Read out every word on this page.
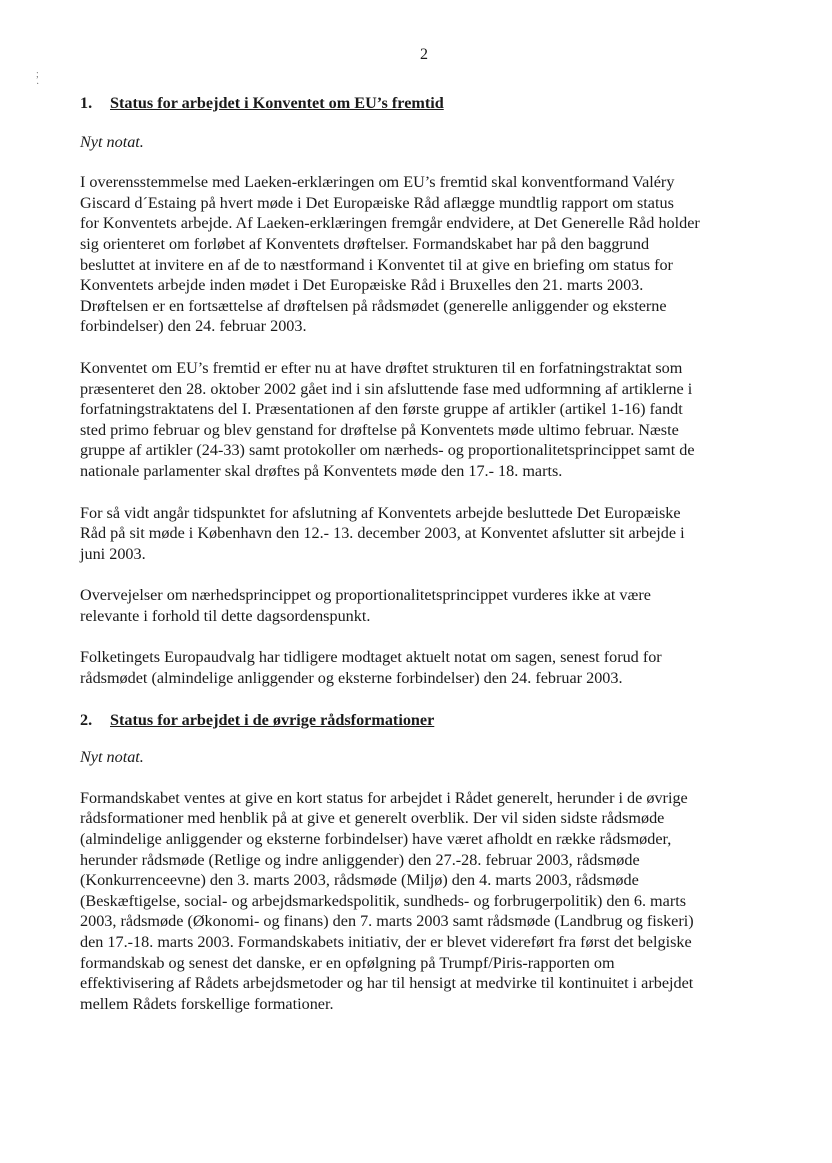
2
;
·
1. Status for arbejdet i Konventet om EU’s fremtid
Nyt notat.
I overensstemmelse med Laeken-erklæringen om EU’s fremtid skal konventformand Valéry
Giscard d´Estaing på hvert møde i Det Europæiske Råd aflægge mundtlig rapport om status
for Konventets arbejde. Af Laeken-erklæringen fremgår endvidere, at Det Generelle Råd holder
sig orienteret om forløbet af Konventets drøftelser. Formandskabet har på den baggrund
besluttet at invitere en af de to næstformand i Konventet til at give en briefing om status for
Konventets arbejde inden mødet i Det Europæiske Råd i Bruxelles den 21. marts 2003.
Drøftelsen er en fortsættelse af drøftelsen på rådsmødet (generelle anliggender og eksterne
forbindelser) den 24. februar 2003.
Konventet om EU’s fremtid er efter nu at have drøftet strukturen til en forfatningstraktat som
præsenteret den 28. oktober 2002 gået ind i sin afsluttende fase med udformning af artiklerne i
forfatningstraktatens del I. Præsentationen af den første gruppe af artikler (artikel 1-16) fandt
sted primo februar og blev genstand for drøftelse på Konventets møde ultimo februar. Næste
gruppe af artikler (24-33) samt protokoller om nærheds- og proportionalitetsprincippet samt de
nationale parlamenter skal drøftes på Konventets møde den 17.- 18. marts.
For så vidt angår tidspunktet for afslutning af Konventets arbejde besluttede Det Europæiske
Råd på sit møde i København den 12.- 13. december 2003, at Konventet afslutter sit arbejde i
juni 2003.
Overvejelser om nærhedsprincippet og proportionalitetsprincippet vurderes ikke at være
relevante i forhold til dette dagsordenspunkt.
Folketingets Europaudvalg har tidligere modtaget aktuelt notat om sagen, senest forud for
rådsmødet (almindelige anliggender og eksterne forbindelser) den 24. februar 2003.
2. Status for arbejdet i de øvrige rådsformationer
Nyt notat.
Formandskabet ventes at give en kort status for arbejdet i Rådet generelt, herunder i de øvrige
rådsformationer med henblik på at give et generelt overblik. Der vil siden sidste rådsmøde
(almindelige anliggender og eksterne forbindelser) have været afholdt en række rådsmøder,
herunder rådsmøde (Retlige og indre anliggender) den 27.-28. februar 2003, rådsmøde
(Konkurrenceevne) den 3. marts 2003, rådsmøde (Miljø) den 4. marts 2003, rådsmøde
(Beskæftigelse, social- og arbejdsmarkedspolitik, sundheds- og forbrugerpolitik) den 6. marts
2003, rådsmøde (Økonomi- og finans) den 7. marts 2003 samt rådsmøde (Landbrug og fiskeri)
den 17.-18. marts 2003. Formandskabets initiativ, der er blevet videreført fra først det belgiske
formandskab og senest det danske, er en opfølgning på Trumpf/Piris-rapporten om
effektivisering af Rådets arbejdsmetoder og har til hensigt at medvirke til kontinuitet i arbejdet
mellem Rådets forskellige formationer.
